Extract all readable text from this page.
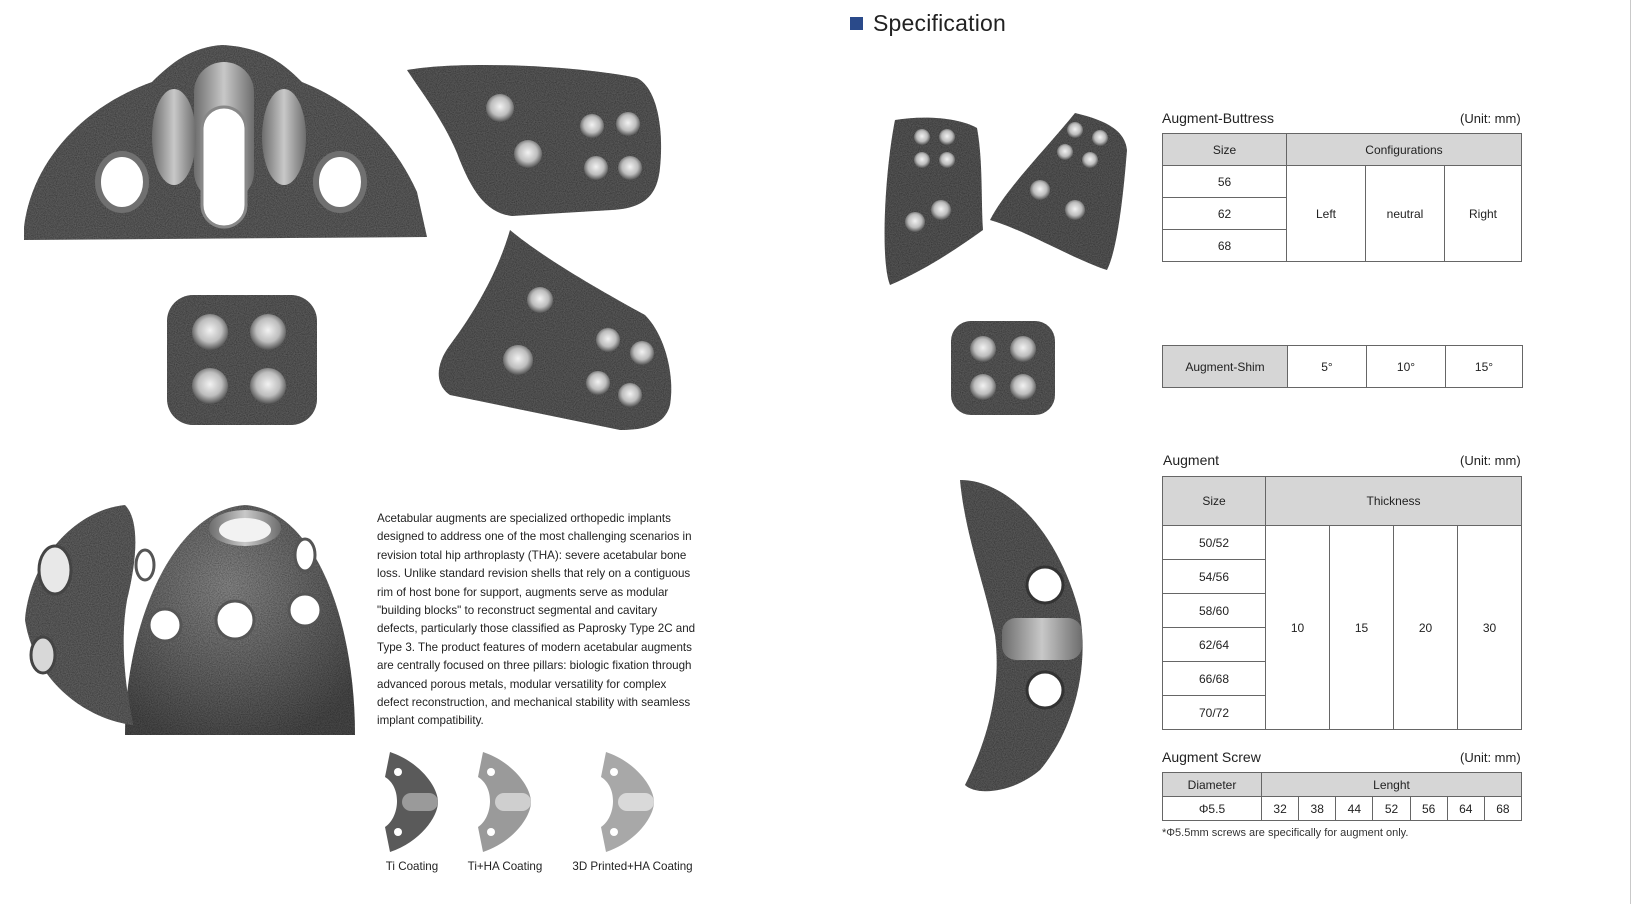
Acetabular augments are specialized orthopedic implants designed to address one of the most challenging scenarios in revision total hip arthroplasty (THA): severe acetabular bone loss. Unlike standard revision shells that rely on a contiguous rim of host bone for support, augments serve as modular "building blocks" to reconstruct segmental and cavitary defects, particularly those classified as Paprosky Type 2C and Type 3. The product features of modern acetabular augments are centrally focused on three pillars: biologic fixation through advanced porous metals, modular versatility for complex defect reconstruction, and mechanical stability with seamless implant compatibility.
Ti Coating	Ti+HA Coating	3D Printed+HA Coating
Specification
Augment-Buttress	(Unit: mm)
Size	Configurations		
56	Left	neutral	Right
62			
68			
Augment-Shim	5°	10°	15°
Augment	(Unit: mm)
Size	Thickness			
50/52	10	15	20	30
54/56				
58/60				
62/64				
66/68				
70/72				
Augment Screw	(Unit: mm)
Diameter	Lenght						
Φ5.5	32	38	44	52	56	64	68
*Φ5.5mm screws are specifically for augment only.
